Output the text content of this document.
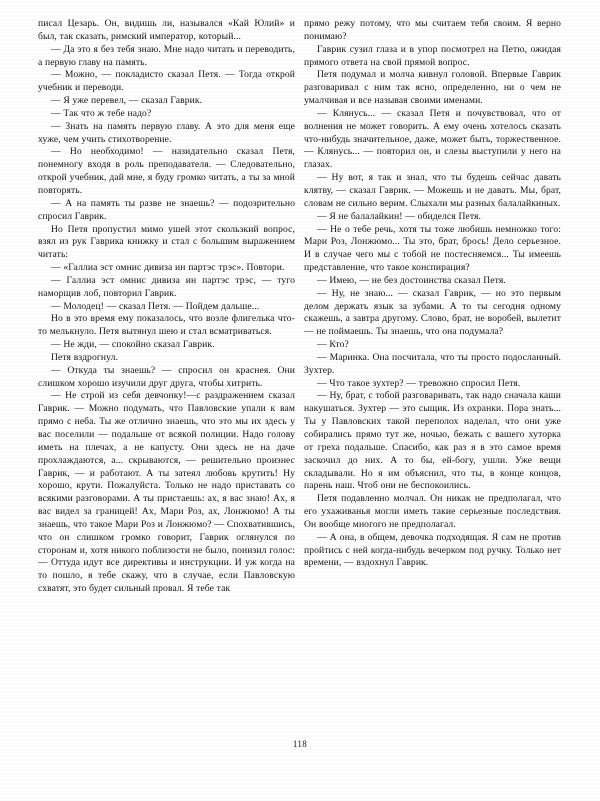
писал Цезарь. Он, видишь ли, назывался «Кай Юлий» и был, так сказать, римский император, который...

— Да это я без тебя знаю. Мне надо читать и переводить, а первую главу на память.

— Можно, — покладисто сказал Петя. — Тогда открой учебник и переводи.

— Я уже перевел, — сказал Гаврик.

— Так что ж тебе надо?

— Знать на память первую главу. А это для меня еще хуже, чем учить стихотворение.

— Но необходимо! — назидательно сказал Петя, понемногу входя в роль преподавателя. — Следовательно, открой учебник, дай мне, я буду громко читать, а ты за мной повторять.

— А на память ты разве не знаешь? — подозрительно спросил Гаврик.

Но Петя пропустил мимо ушей этот скользкий вопрос, взял из рук Гаврика книжку и стал с большим выражением читать:

— «Галлиа эст омнис дивиза ин партэс трэс». Повтори.

— Галлиа эст омнис дивиза ин партэс трэс, — туго наморщив лоб, повторил Гаврик.

— Молодец! — сказал Петя. — Пойдем дальше...

Но в это время ему показалось, что возле флигелька что-то мелькнуло. Петя вытянул шею и стал всматриваться.

— Не жди, — спокойно сказал Гаврик.

Петя вздрогнул.

— Откуда ты знаешь? — спросил он краснея. Они слишком хорошо изучили друг друга, чтобы хитрить.

— Не строй из себя девчонку!—с раздражением сказал Гаврик. — Можно подумать, что Павловские упали к вам прямо с неба. Ты же отлично знаешь, что это мы их здесь у вас поселили — подальше от всякой полиции. Надо голову иметь на плечах, а не капусту. Они здесь не на даче прохлаждаются, а... скрываются, — решительно произнес Гаврик, — и работают. А ты затеял любовь крутить! Ну хорошо, крути. Пожалуйста. Только не надо приставать со всякими разговорами. А ты пристаешь: ах, я вас знаю! Ах, я вас видел за границей! Ах, Мари Роз, ах, Лонжюмо! А ты знаешь, что такое Мари Роз и Лонжюмо? — Спохватившись, что он слишком громко говорит, Гаврик оглянулся по сторонам и, хотя никого поблизости не было, понизил голос: — Оттуда идут все директивы и инструкции. И уж когда на то пошло, я тебе скажу, что в случае, если Павловскую схватят, это будет сильный провал. Я тебе так

прямо режу потому, что мы считаем тебя своим. Я верно понимаю?

Гаврик сузил глаза и в упор посмотрел на Петю, ожидая прямого ответа на свой прямой вопрос.

Петя подумал и молча кивнул головой. Впервые Гаврик разговаривал с ним так ясно, определенно, ни о чем не умалчивая и все называя своими именами.

— Клянусь... — сказал Петя и почувствовал, что от волнения не может говорить. А ему очень хотелось сказать что-нибудь значительное, даже, может быть, торжественное. — Клянусь... — повторил он, и слезы выступили у него на глазах.

— Ну вот, я так и знал, что ты будешь сейчас давать клятву, — сказал Гаврик. — Можешь и не давать. Мы, брат, словам не сильно верим. Слыхали мы разных балалайкиных.

— Я не балалайкин! — обиделся Петя.

— Не о тебе речь, хотя ты тоже любишь немножко того: Мари Роз, Лонжюмо... Ты это, брат, брось! Дело серьезное. И в случае чего мы с тобой не постесняемся... Ты имеешь представление, что такое конспирация?

— Имею, — не без достоинства сказал Петя.

— Ну, не знаю... — сказал Гаврик, — но это первым делом держать язык за зубами. А то ты сегодня одному скажешь, а завтра другому. Слово, брат, не воробей, вылетит — не поймаешь. Ты знаешь, что она подумала?

— Кто?

— Маринка. Она посчитала, что ты просто подосланный. Зухтер.

— Что такое зухтер? — тревожно спросил Петя.

— Ну, брат, с тобой разговаривать, так надо сначала каши накушаться. Зухтер — это сыщик. Из охранки. Пора знать... Ты у Павловских такой переполох наделал, что они уже собирались прямо тут же, ночью, бежать с вашего хуторка от греха подальше. Спасибо, как раз я в это самое время заскочил до них. А то бы, ей-богу, ушли. Уже вещи складывали. Но я им объяснил, что ты, в конце концов, парень наш. Чтоб они не беспокоились.

Петя подавленно молчал. Он никак не предполагал, что его ухаживанья могли иметь такие серьезные последствия. Он вообще многого не предполагал.

— А она, в общем, девочка подходящая. Я сам не против пройтись с ней когда-нибудь вечерком под ручку. Только нет времени, — вздохнул Гаврик.

118
